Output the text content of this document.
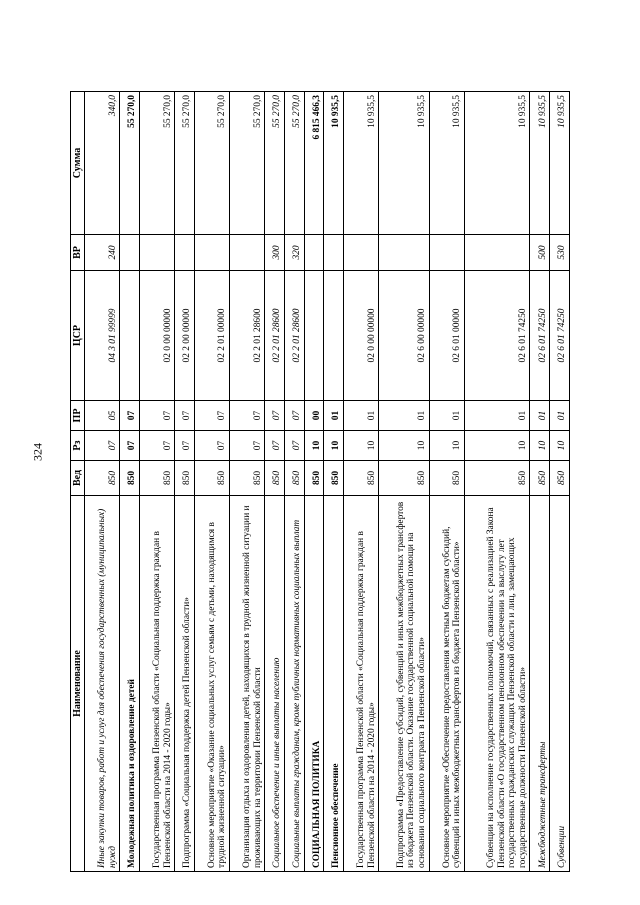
324
Наименование	Вед	Рз	ПР	ЦСР	ВР	Сумма
Иные закупки товаров, работ и услуг для обеспечения государственных (муниципальных) нужд	850	07	05	04 3 01 99999	240	340,0
Молодежная политика и оздоровление детей	850	07	07			55 270,0
Государственная программа Пензенской области «Социальная поддержка граждан в Пензенской области на 2014 - 2020 годы»	850	07	07	02 0 00 00000		55 270,0
Подпрограмма «Социальная поддержка детей Пензенской области»	850	07	07	02 2 00 00000		55 270,0
Основное мероприятие «Оказание социальных услуг семьям с детьми, находящимся в трудной жизненной ситуации»	850	07	07	02 2 01 00000		55 270,0
Организация отдыха и оздоровления детей, находящихся в трудной жизненной ситуации и проживающих на территории Пензенской области	850	07	07	02 2 01 28600		55 270,0
Социальное обеспечение и иные выплаты населению	850	07	07	02 2 01 28600	300	55 270,0
Социальные выплаты гражданам, кроме публичных нормативных социальных выплат	850	07	07	02 2 01 28600	320	55 270,0
СОЦИАЛЬНАЯ ПОЛИТИКА	850	10	00			6 815 466,3
Пенсионное обеспечение	850	10	01			10 935,5
Государственная программа Пензенской области «Социальная поддержка граждан в Пензенской области на 2014 - 2020 годы»	850	10	01	02 0 00 00000		10 935,5
Подпрограмма «Предоставление субсидий, субвенций и иных межбюджетных трансфертов из бюджета Пензенской области. Оказание государственной социальной помощи на основании социального контракта в Пензенской области»	850	10	01	02 6 00 00000		10 935,5
Основное мероприятие «Обеспечение предоставления местным бюджетам субсидий, субвенций и иных межбюджетных трансфертов из бюджета Пензенской области»	850	10	01	02 6 01 00000		10 935,5
Субвенции на исполнение государственных полномочий, связанных с реализацией Закона Пензенской области «О государственном пенсионном обеспечении за выслугу лет государственных гражданских служащих Пензенской области и лиц, замещающих государственные должности Пензенской области»	850	10	01	02 6 01 74250		10 935,5
Межбюджетные трансферты	850	10	01	02 6 01 74250	500	10 935,5
Субвенции	850	10	01	02 6 01 74250	530	10 935,5
